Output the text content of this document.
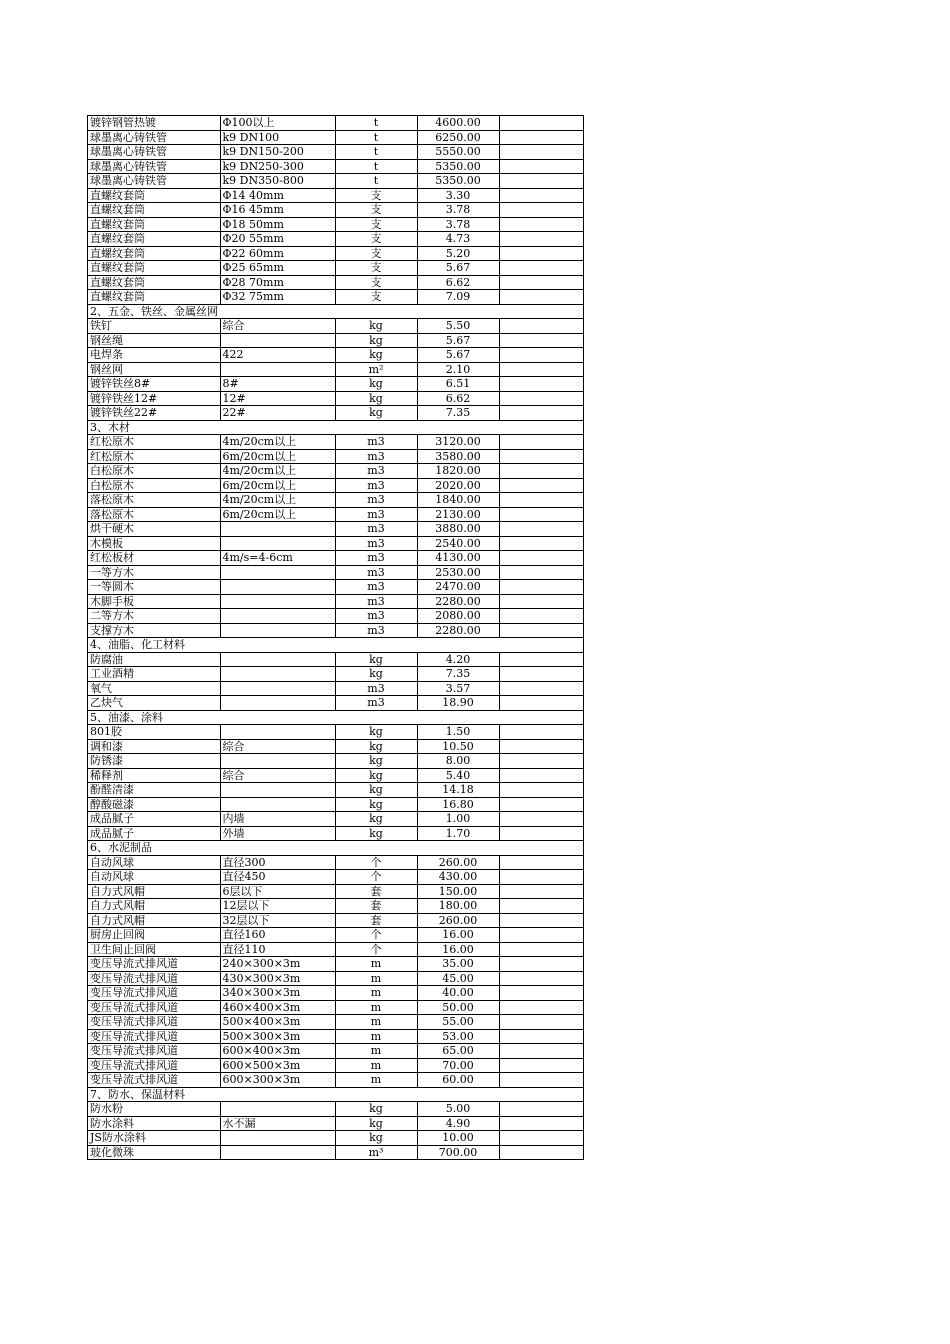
镀锌钢管热镀	Φ100以上	t	4600.00	
球墨离心铸铁管	k9 DN100	t	6250.00	
球墨离心铸铁管	k9 DN150-200	t	5550.00	
球墨离心铸铁管	k9 DN250-300	t	5350.00	
球墨离心铸铁管	k9 DN350-800	t	5350.00	
直螺纹套筒	Φ14 40mm	支	3.30	
直螺纹套筒	Φ16 45mm	支	3.78	
直螺纹套筒	Φ18 50mm	支	3.78	
直螺纹套筒	Φ20 55mm	支	4.73	
直螺纹套筒	Φ22 60mm	支	5.20	
直螺纹套筒	Φ25 65mm	支	5.67	
直螺纹套筒	Φ28 70mm	支	6.62	
直螺纹套筒	Φ32 75mm	支	7.09	
2、五金、铁丝、金属丝网				
铁钉	综合	kg	5.50	
钢丝绳		kg	5.67	
电焊条	422	kg	5.67	
钢丝网		m²	2.10	
镀锌铁丝8#	8#	kg	6.51	
镀锌铁丝12#	12#	kg	6.62	
镀锌铁丝22#	22#	kg	7.35	
3、木材				
红松原木	4m/20cm以上	m3	3120.00	
红松原木	6m/20cm以上	m3	3580.00	
白松原木	4m/20cm以上	m3	1820.00	
白松原木	6m/20cm以上	m3	2020.00	
落松原木	4m/20cm以上	m3	1840.00	
落松原木	6m/20cm以上	m3	2130.00	
烘干硬木		m3	3880.00	
木模板		m3	2540.00	
红松板材	4m/s=4-6cm	m3	4130.00	
一等方木		m3	2530.00	
一等圆木		m3	2470.00	
木脚手板		m3	2280.00	
二等方木		m3	2080.00	
支撑方木		m3	2280.00	
4、油脂、化工材料				
防腐油		kg	4.20	
工业酒精		kg	7.35	
氧气		m3	3.57	
乙炔气		m3	18.90	
5、油漆、涂料				
801胶		kg	1.50	
调和漆	综合	kg	10.50	
防锈漆		kg	8.00	
稀释剂	综合	kg	5.40	
酚醛清漆		kg	14.18	
醇酸磁漆		kg	16.80	
成品腻子	内墙	kg	1.00	
成品腻子	外墙	kg	1.70	
6、水泥制品				
自动风球	直径300	个	260.00	
自动风球	直径450	个	430.00	
自力式风帽	6层以下	套	150.00	
自力式风帽	12层以下	套	180.00	
自力式风帽	32层以下	套	260.00	
厨房止回阀	直径160	个	16.00	
卫生间止回阀	直径110	个	16.00	
变压导流式排风道	240×300×3m	m	35.00	
变压导流式排风道	430×300×3m	m	45.00	
变压导流式排风道	340×300×3m	m	40.00	
变压导流式排风道	460×400×3m	m	50.00	
变压导流式排风道	500×400×3m	m	55.00	
变压导流式排风道	500×300×3m	m	53.00	
变压导流式排风道	600×400×3m	m	65.00	
变压导流式排风道	600×500×3m	m	70.00	
变压导流式排风道	600×300×3m	m	60.00	
7、防水、保温材料				
防水粉		kg	5.00	
防水涂料	水不漏	kg	4.90	
JS防水涂料		kg	10.00	
玻化微珠		m³	700.00	
